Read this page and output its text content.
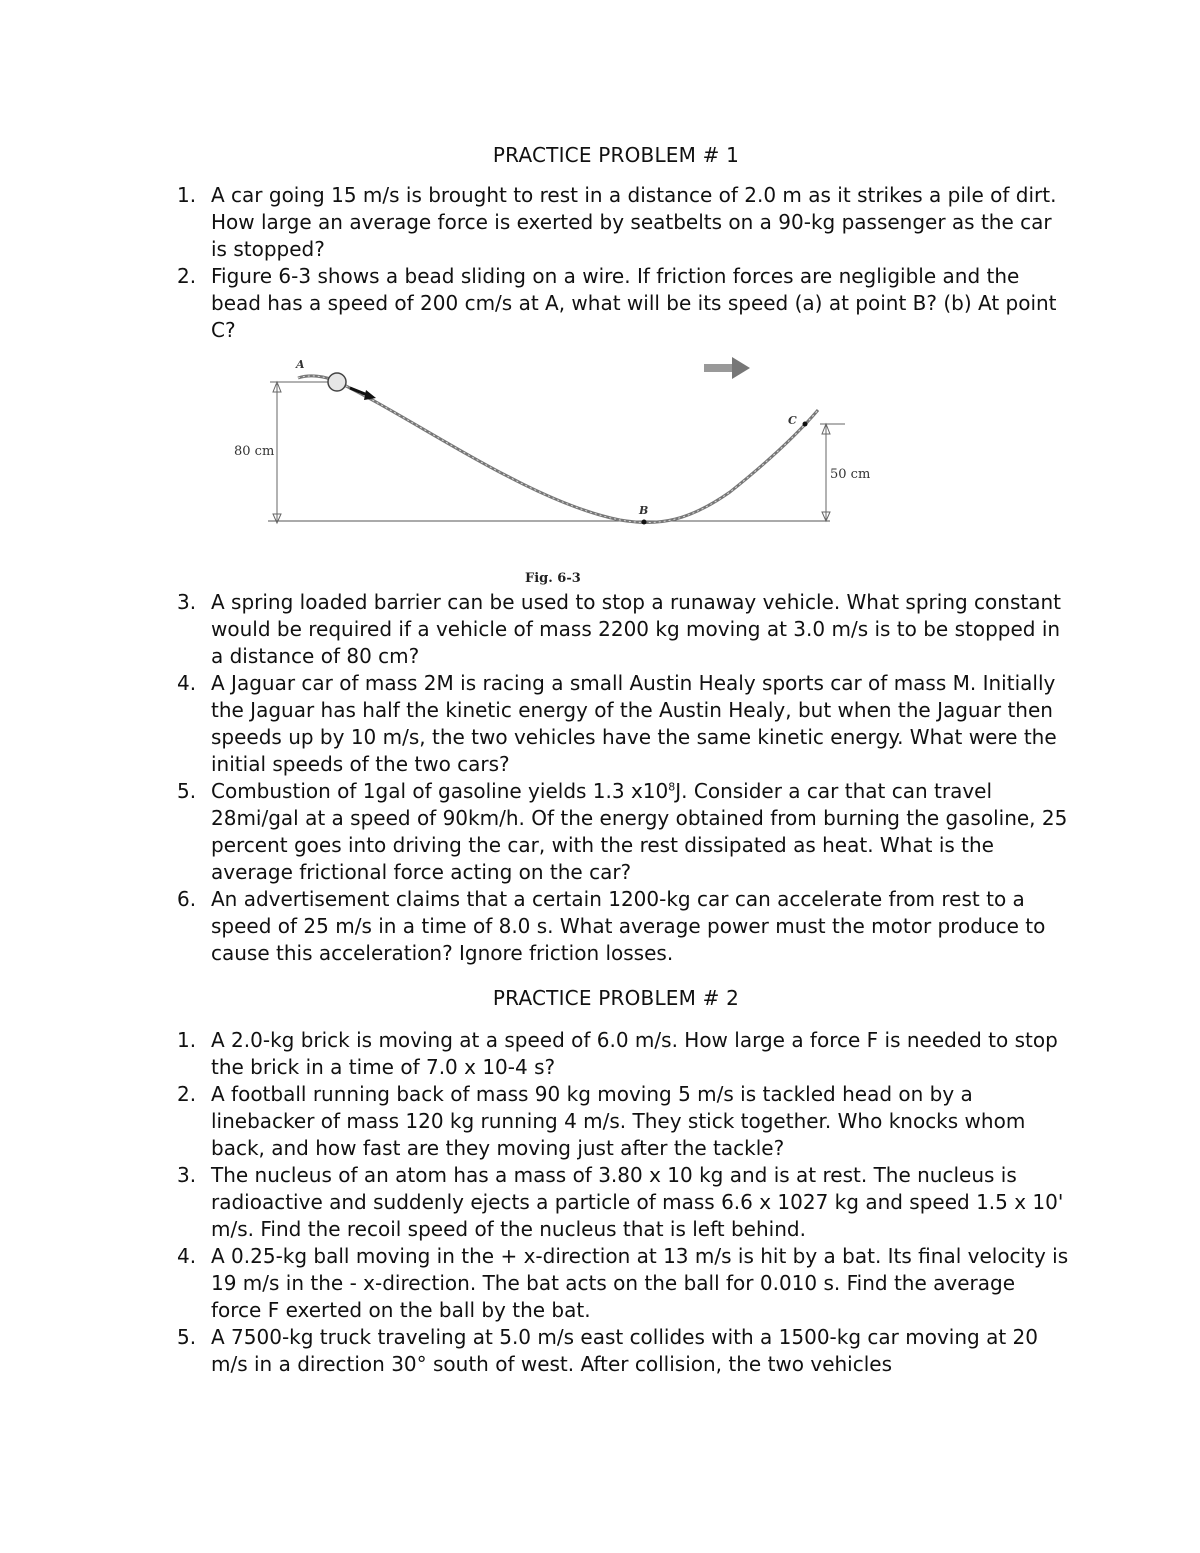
PRACTICE PROBLEM # 1
1. A car going 15 m/s is brought to rest in a distance of 2.0 m as it strikes a pile of dirt. How large an average force is exerted by seatbelts on a 90-kg passenger as the car is stopped?
2. Figure 6-3 shows a bead sliding on a wire. If friction forces are negligible and the bead has a speed of 200 cm/s at A, what will be its speed (a) at point B? (b) At point C?
80 cm
50 cm
A
B
C
Fig. 6-3
3. A spring loaded barrier can be used to stop a runaway vehicle. What spring constant would be required if a vehicle of mass 2200 kg moving at 3.0 m/s is to be stopped in a distance of 80 cm?
4. A Jaguar car of mass 2M is racing a small Austin Healy sports car of mass M. Initially the Jaguar has half the kinetic energy of the Austin Healy, but when the Jaguar then speeds up by 10 m/s, the two vehicles have the same kinetic energy. What were the initial speeds of the two cars?
5. Combustion of 1gal of gasoline yields 1.3 $x10^8J$. Consider a car that can travel 28mi/gal at a speed of 90km/h. Of the energy obtained from burning the gasoline, 25 percent goes into driving the car, with the rest dissipated as heat. What is the average frictional force acting on the car?
6. An advertisement claims that a certain 1200-kg car can accelerate from rest to a speed of 25 m/s in a time of 8.0 s. What average power must the motor produce to cause this acceleration? Ignore friction losses.
PRACTICE PROBLEM # 2
1. A 2.0-kg brick is moving at a speed of 6.0 m/s. How large a force F is needed to stop the brick in a time of 7.0 x 10-4 s?
2. A football running back of mass 90 kg moving 5 m/s is tackled head on by a linebacker of mass 120 kg running 4 m/s. They stick together. Who knocks whom back, and how fast are they moving just after the tackle?
3. The nucleus of an atom has a mass of 3.80 x 10 kg and is at rest. The nucleus is radioactive and suddenly ejects a particle of mass 6.6 x 1027 kg and speed 1.5 x 10' m/s. Find the recoil speed of the nucleus that is left behind.
4. A 0.25-kg ball moving in the + x-direction at 13 m/s is hit by a bat. Its final velocity is 19 m/s in the - x-direction. The bat acts on the ball for 0.010 s. Find the average force F exerted on the ball by the bat.
5. A 7500-kg truck traveling at 5.0 m/s east collides with a 1500-kg car moving at 20 m/s in a direction 30° south of west. After collision, the two vehicles
